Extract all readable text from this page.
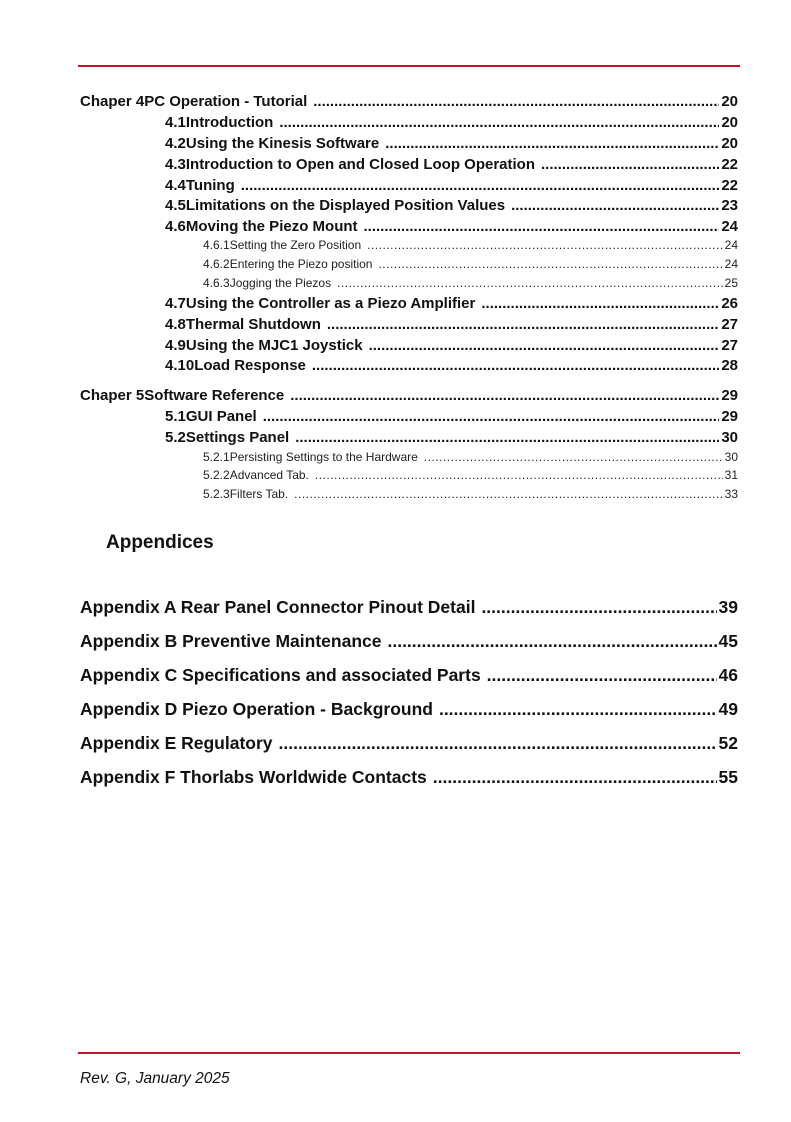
Chaper 4 PC Operation - Tutorial .....	20
4.1 Introduction .....	20
4.2 Using the Kinesis Software .....	20
4.3 Introduction to Open and Closed Loop Operation .....	22
4.4 Tuning .....	22
4.5 Limitations on the Displayed Position Values .....	23
4.6 Moving the Piezo Mount .....	24
4.6.1 Setting the Zero Position .....	24
4.6.2 Entering the Piezo position .....	24
4.6.3 Jogging the Piezos .....	25
4.7 Using the Controller as a Piezo Amplifier .....	26
4.8 Thermal Shutdown .....	27
4.9 Using the MJC1 Joystick .....	27
4.10 Load Response .....	28
Chaper 5 Software Reference .....	29
5.1 GUI Panel .....	29
5.2 Settings Panel .....	30
5.2.1 Persisting Settings to the Hardware .....	30
5.2.2 Advanced Tab. .....	31
5.2.3 Filters Tab. .....	33
Appendices
Appendix A Rear Panel Connector Pinout Detail .....	39
Appendix B Preventive Maintenance .....	45
Appendix C Specifications and associated Parts .....	46
Appendix D Piezo Operation - Background .....	49
Appendix E Regulatory .....	52
Appendix F Thorlabs Worldwide Contacts .....	55
Rev. G, January 2025
